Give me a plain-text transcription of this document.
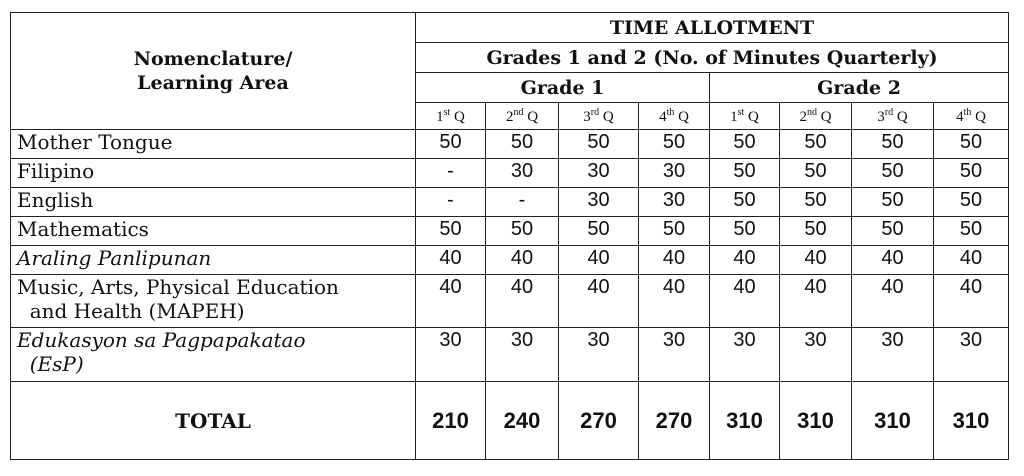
Nomenclature/
Learning Area	TIME ALLOTMENT							
	Grades 1 and 2 (No. of Minutes Quarterly)							
	Grade 1				Grade 2			
	1st Q	2nd Q	3rd Q	4th Q	1st Q	2nd Q	3rd Q	4th Q
Mother Tongue	50	50	50	50	50	50	50	50
Filipino	-	30	30	30	50	50	50	50
English	-	-	30	30	50	50	50	50
Mathematics	50	50	50	50	50	50	50	50
Araling Panlipunan	40	40	40	40	40	40	40	40
Music, Arts, Physical Education
and Health (MAPEH)	40	40	40	40	40	40	40	40
Edukasyon sa Pagpapakatao
(EsP)	30	30	30	30	30	30	30	30
TOTAL	210	240	270	270	310	310	310	310
